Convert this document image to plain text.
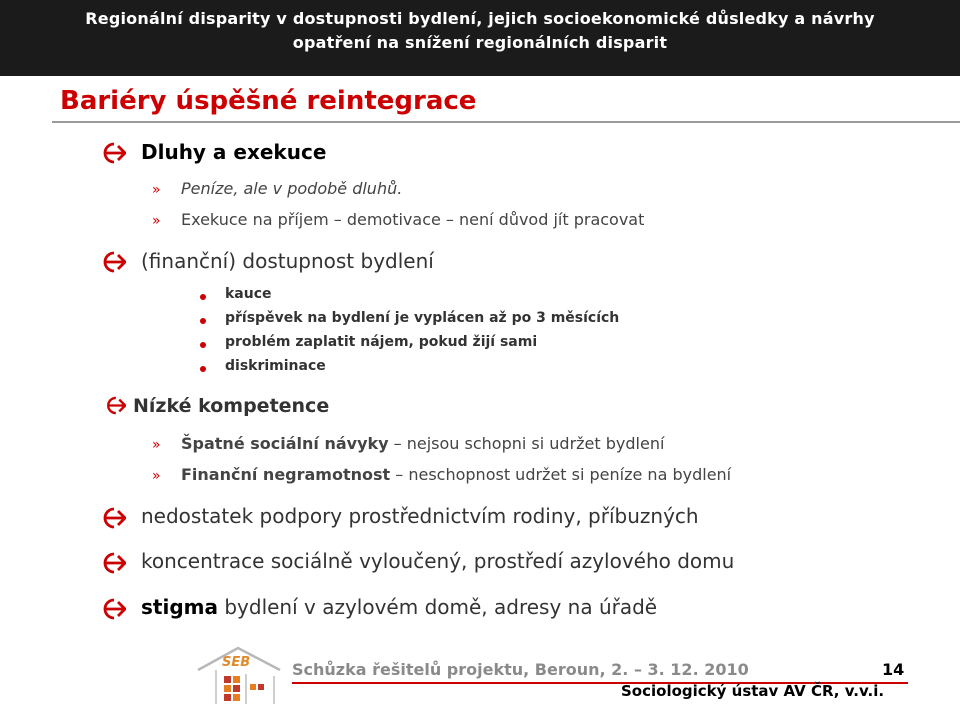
Regionální disparity v dostupnosti bydlení, jejich socioekonomické důsledky a návrhy
opatření na snížení regionálních disparit
Bariéry úspěšné reintegrace
Dluhy a exekuce
» Peníze, ale v podobě dluhů.
» Exekuce na příjem – demotivace – není důvod jít pracovat
(finanční) dostupnost bydlení
kauce
příspěvek na bydlení je vyplácen až po 3 měsících
problém zaplatit nájem, pokud žijí sami
diskriminace
Nízké kompetence
» Špatné sociální návyky – nejsou schopni si udržet bydlení
» Finanční negramotnost – neschopnost udržet si peníze na bydlení
nedostatek podpory prostřednictvím rodiny, příbuzných
koncentrace sociálně vyloučený, prostředí azylového domu
stigma bydlení v azylovém domě, adresy na úřadě
SEB	Schůzka řešitelů projektu, Beroun, 2. – 3. 12. 2010	14
Sociologický ústav AV ČR, v.v.i.
